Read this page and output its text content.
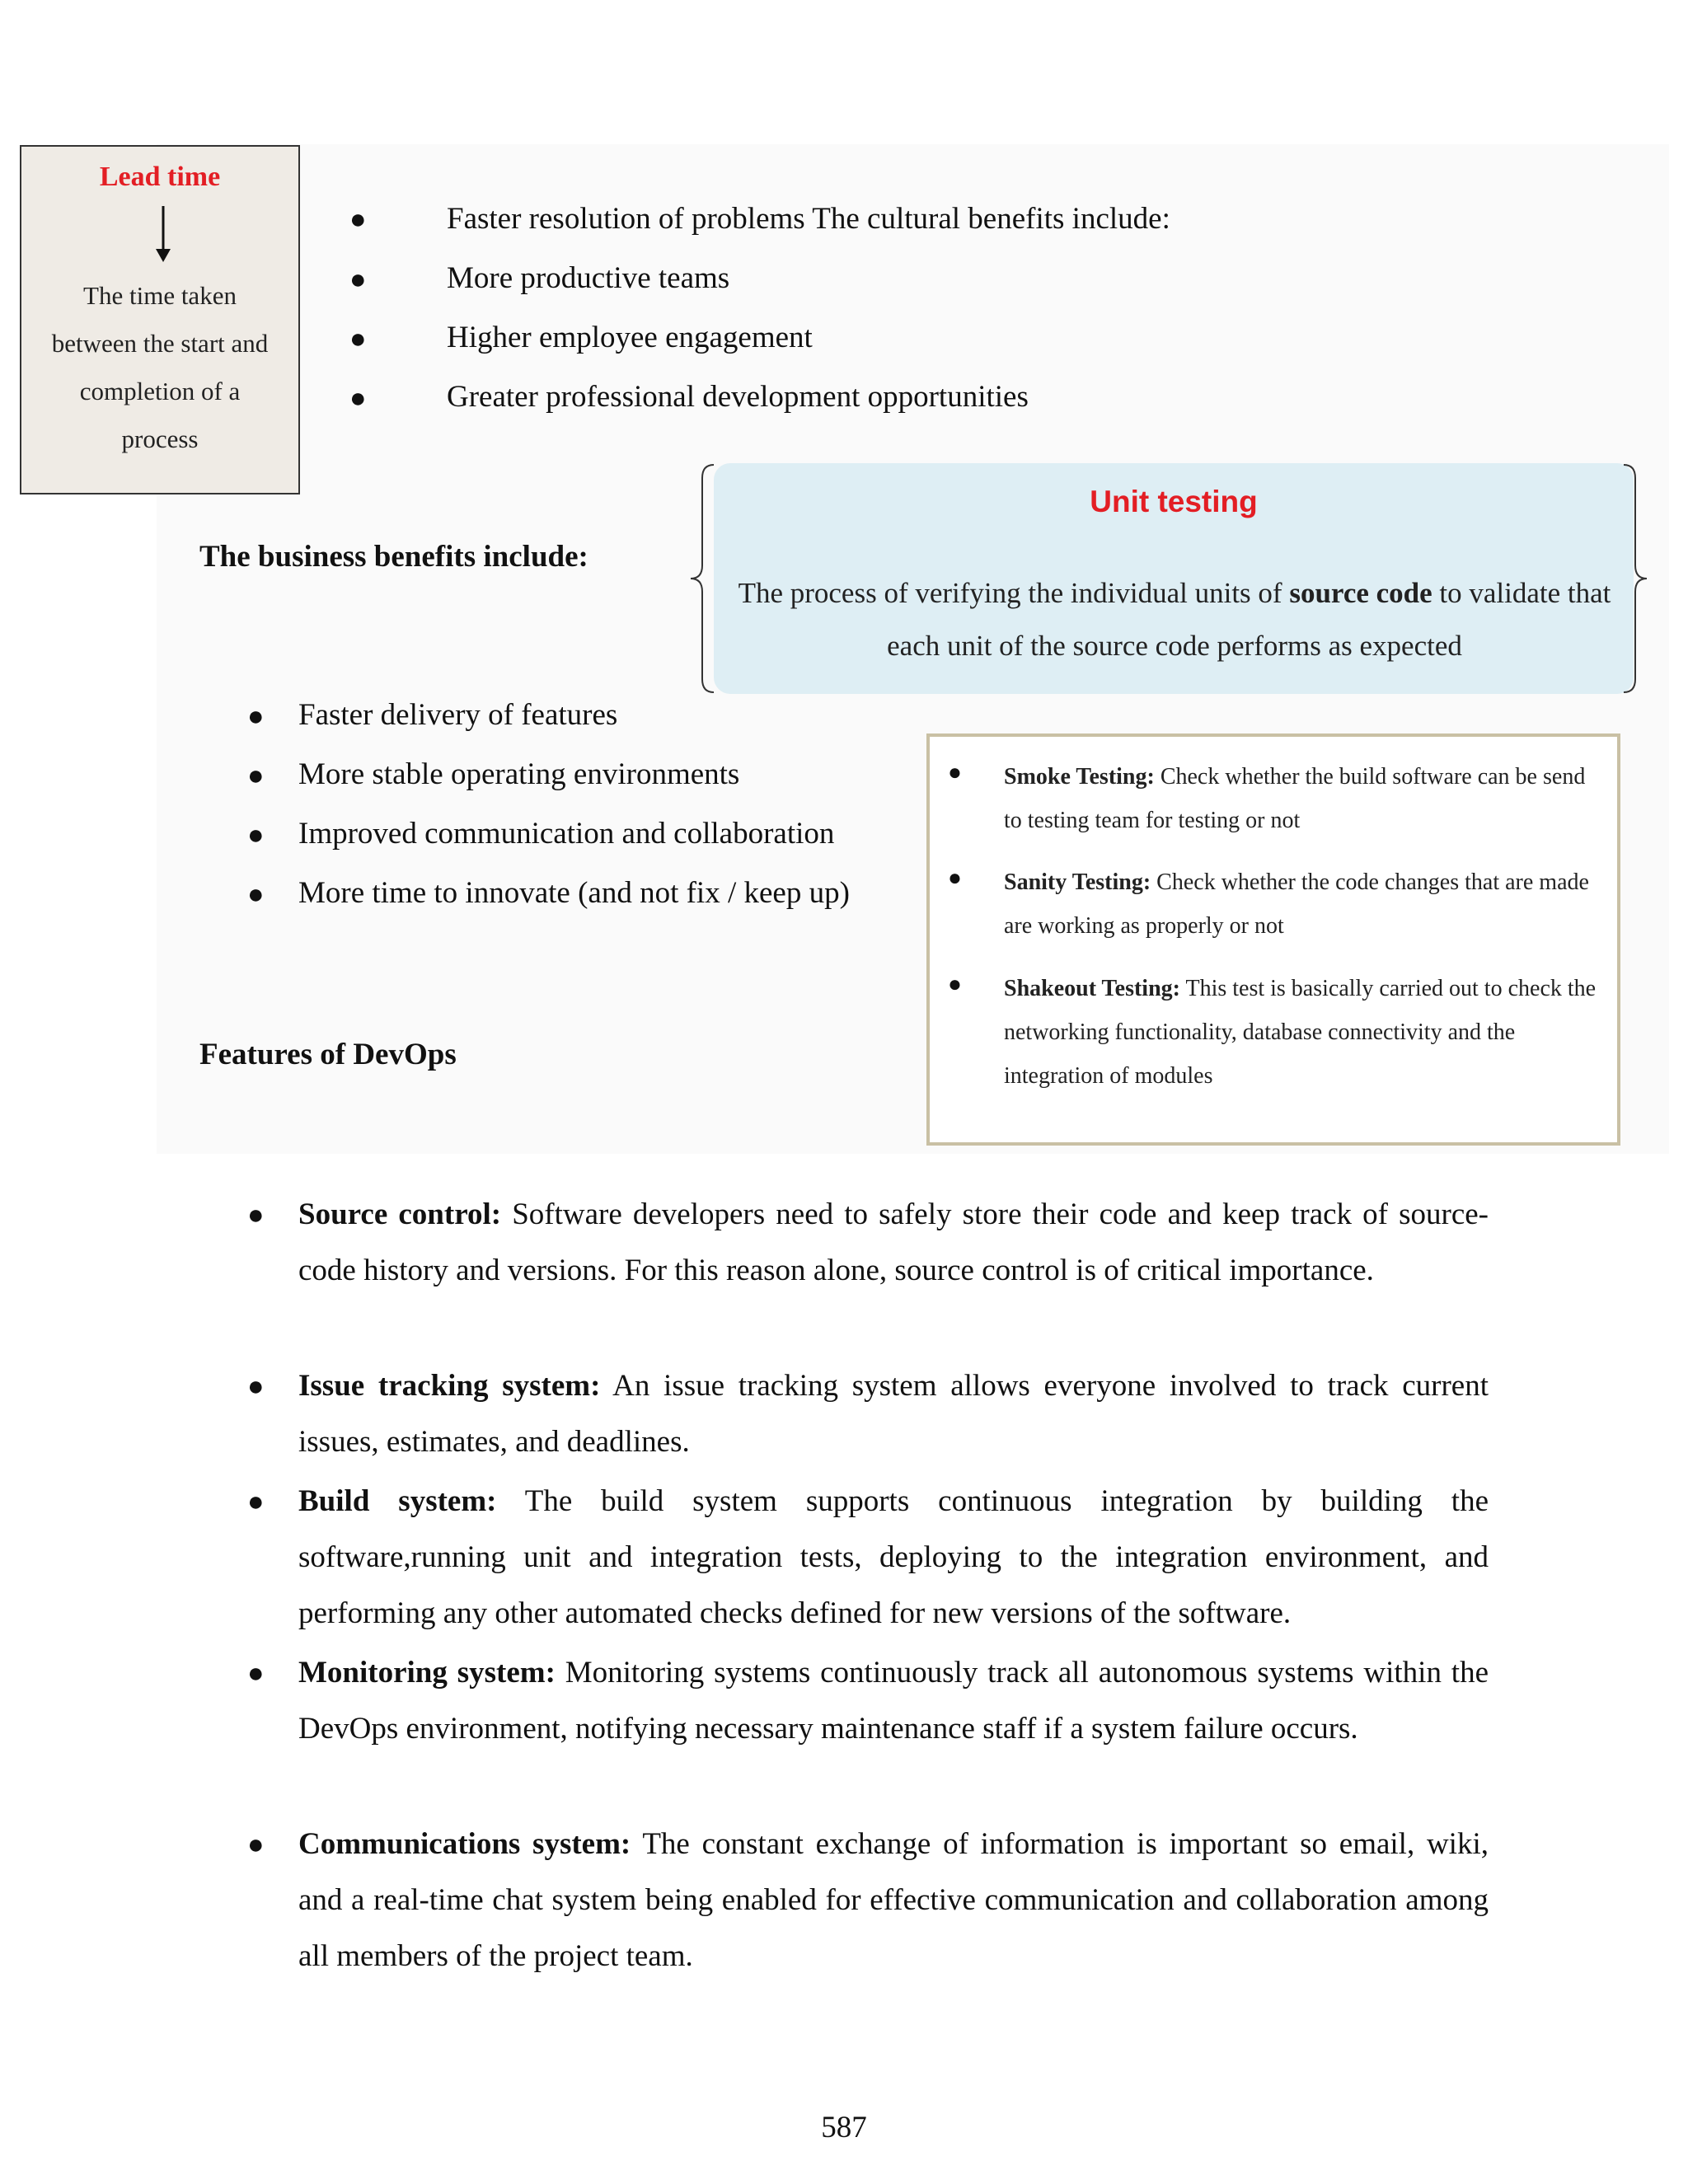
Lead time
The time taken
between the start and
completion of a
process
●	Faster resolution of problems The cultural benefits include:
●	More productive teams
●	Higher employee engagement
●	Greater professional development opportunities
The business benefits include:
Unit testing
The process of verifying the individual units of source code to validate that each unit of the source code performs as expected
● Faster delivery of features
● More stable operating environments
● Improved communication and collaboration
● More time to innovate (and not fix / keep up)
● Smoke Testing: Check whether the build software can be send to testing team for testing or not
● Sanity Testing: Check whether the code changes that are made are working as properly or not
● Shakeout Testing: This test is basically carried out to check the networking functionality, database connectivity and the integration of modules
Features of DevOps
● Source control: Software developers need to safely store their code and keep track of source- code history and versions. For this reason alone, source control is of critical importance.
● Issue tracking system: An issue tracking system allows everyone involved to track current issues, estimates, and deadlines.
● Build system: The build system supports continuous integration by building the software,running unit and integration tests, deploying to the integration environment, and performing any other automated checks defined for new versions of the software.
● Monitoring system: Monitoring systems continuously track all autonomous systems within the DevOps environment, notifying necessary maintenance staff if a system failure occurs.
● Communications system: The constant exchange of information is important so email, wiki, and a real-time chat system being enabled for effective communication and collaboration among all members of the project team.
587
